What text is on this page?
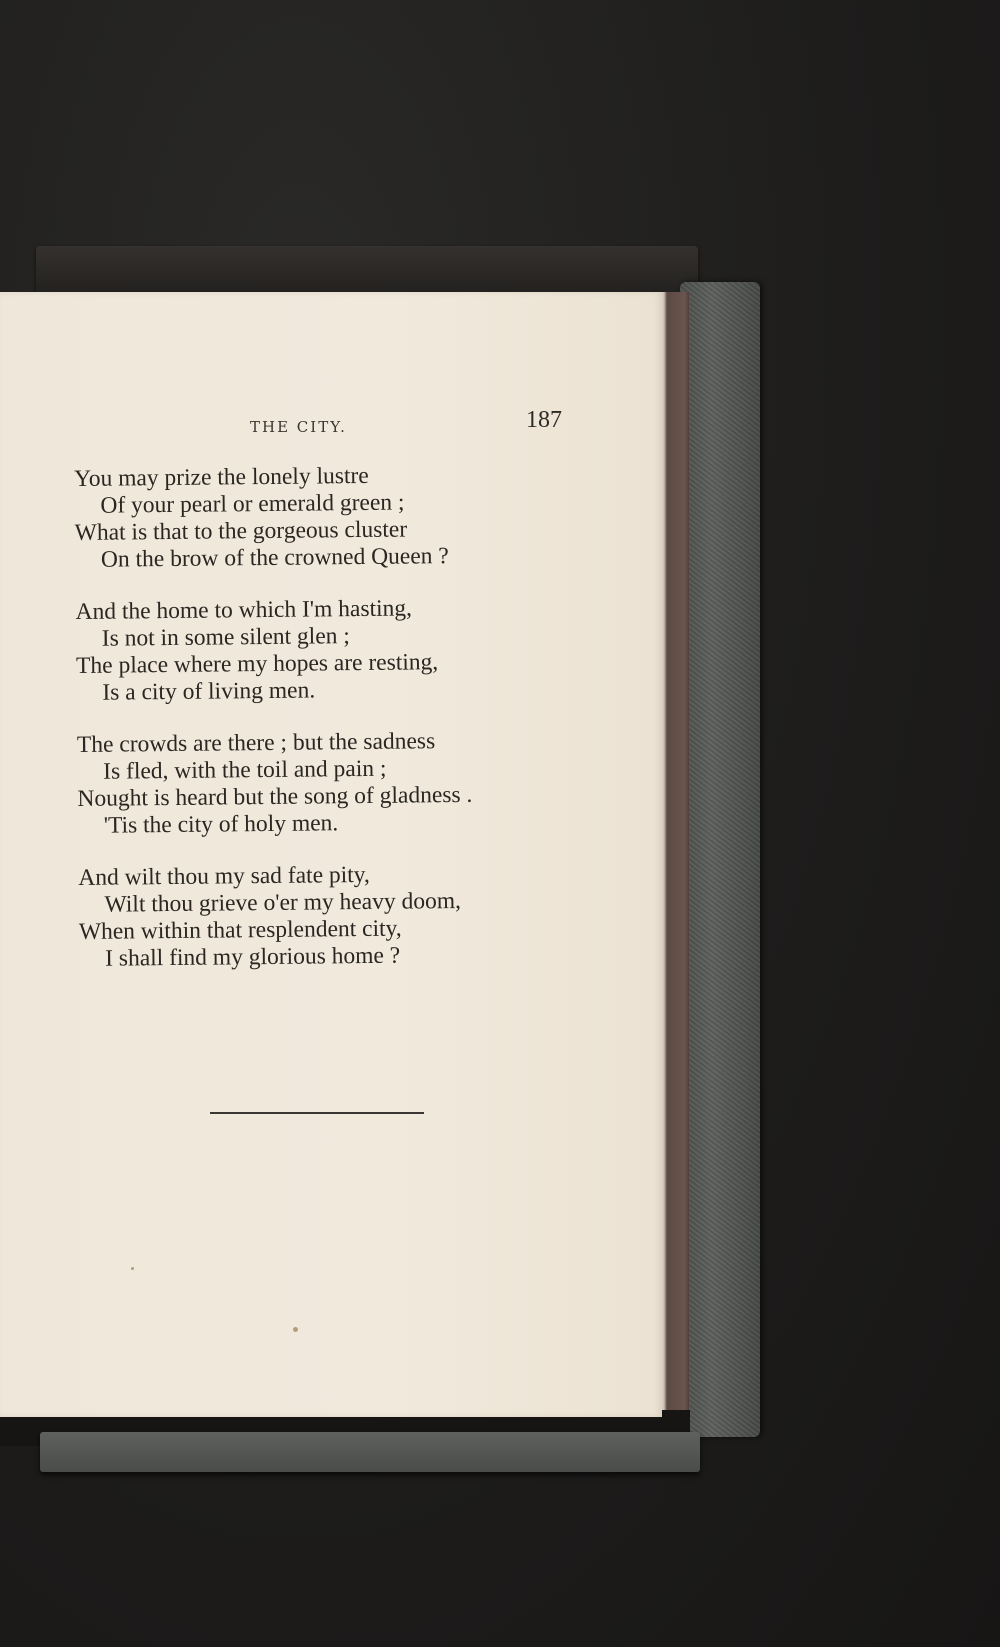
THE CITY.	187
You may prize the lonely lustre
Of your pearl or emerald green ;
What is that to the gorgeous cluster
On the brow of the crowned Queen ?
And the home to which I'm hasting,
Is not in some silent glen ;
The place where my hopes are resting,
Is a city of living men.
The crowds are there ; but the sadness
Is fled, with the toil and pain ;
Nought is heard but the song of gladness .
'Tis the city of holy men.
And wilt thou my sad fate pity,
Wilt thou grieve o'er my heavy doom,
When within that resplendent city,
I shall find my glorious home ?
